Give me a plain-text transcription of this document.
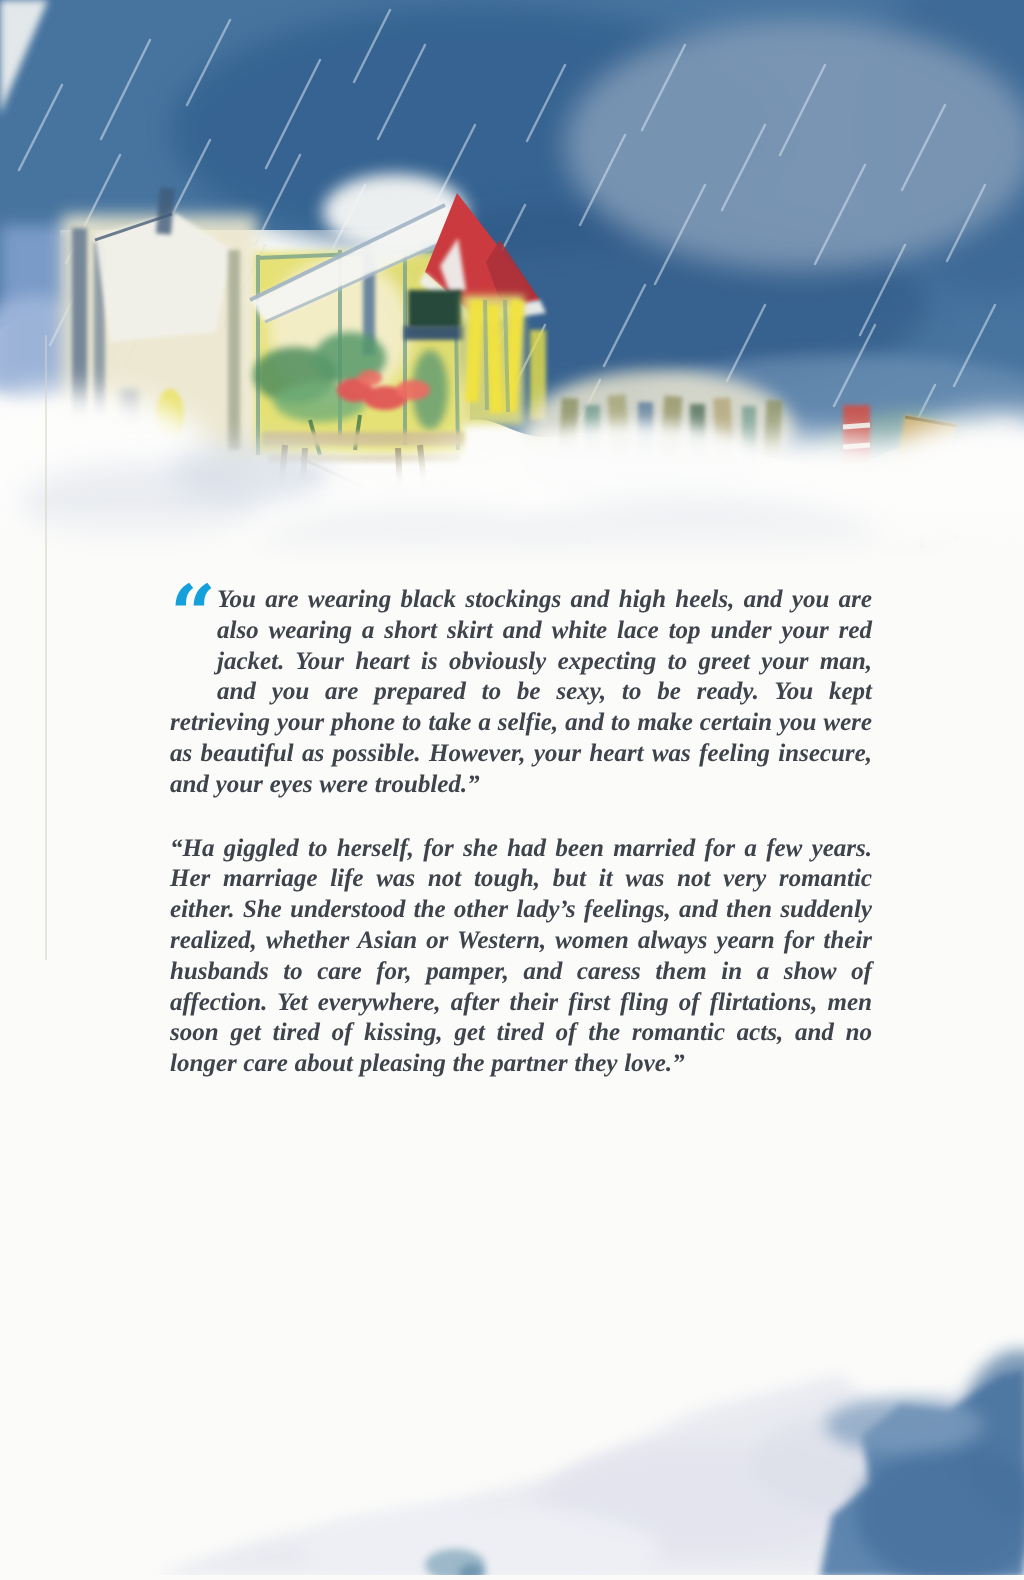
“ You are wearing black stockings and high heels, and you are also wearing a short skirt and white lace top under your red jacket. Your heart is obviously expecting to greet your man, and you are prepared to be sexy, to be ready. You kept retrieving your phone to take a selfie, and to make certain you were as beautiful as possible. However, your heart was feeling insecure, and your eyes were troubled.”

“Ha giggled to herself, for she had been married for a few years. Her marriage life was not tough, but it was not very romantic either. She understood the other lady’s feelings, and then suddenly realized, whether Asian or Western, women always yearn for their husbands to care for, pamper, and caress them in a show of affection. Yet everywhere, after their first fling of flirtations, men soon get tired of kissing, get tired of the romantic acts, and no longer care about pleasing the partner they love.”
